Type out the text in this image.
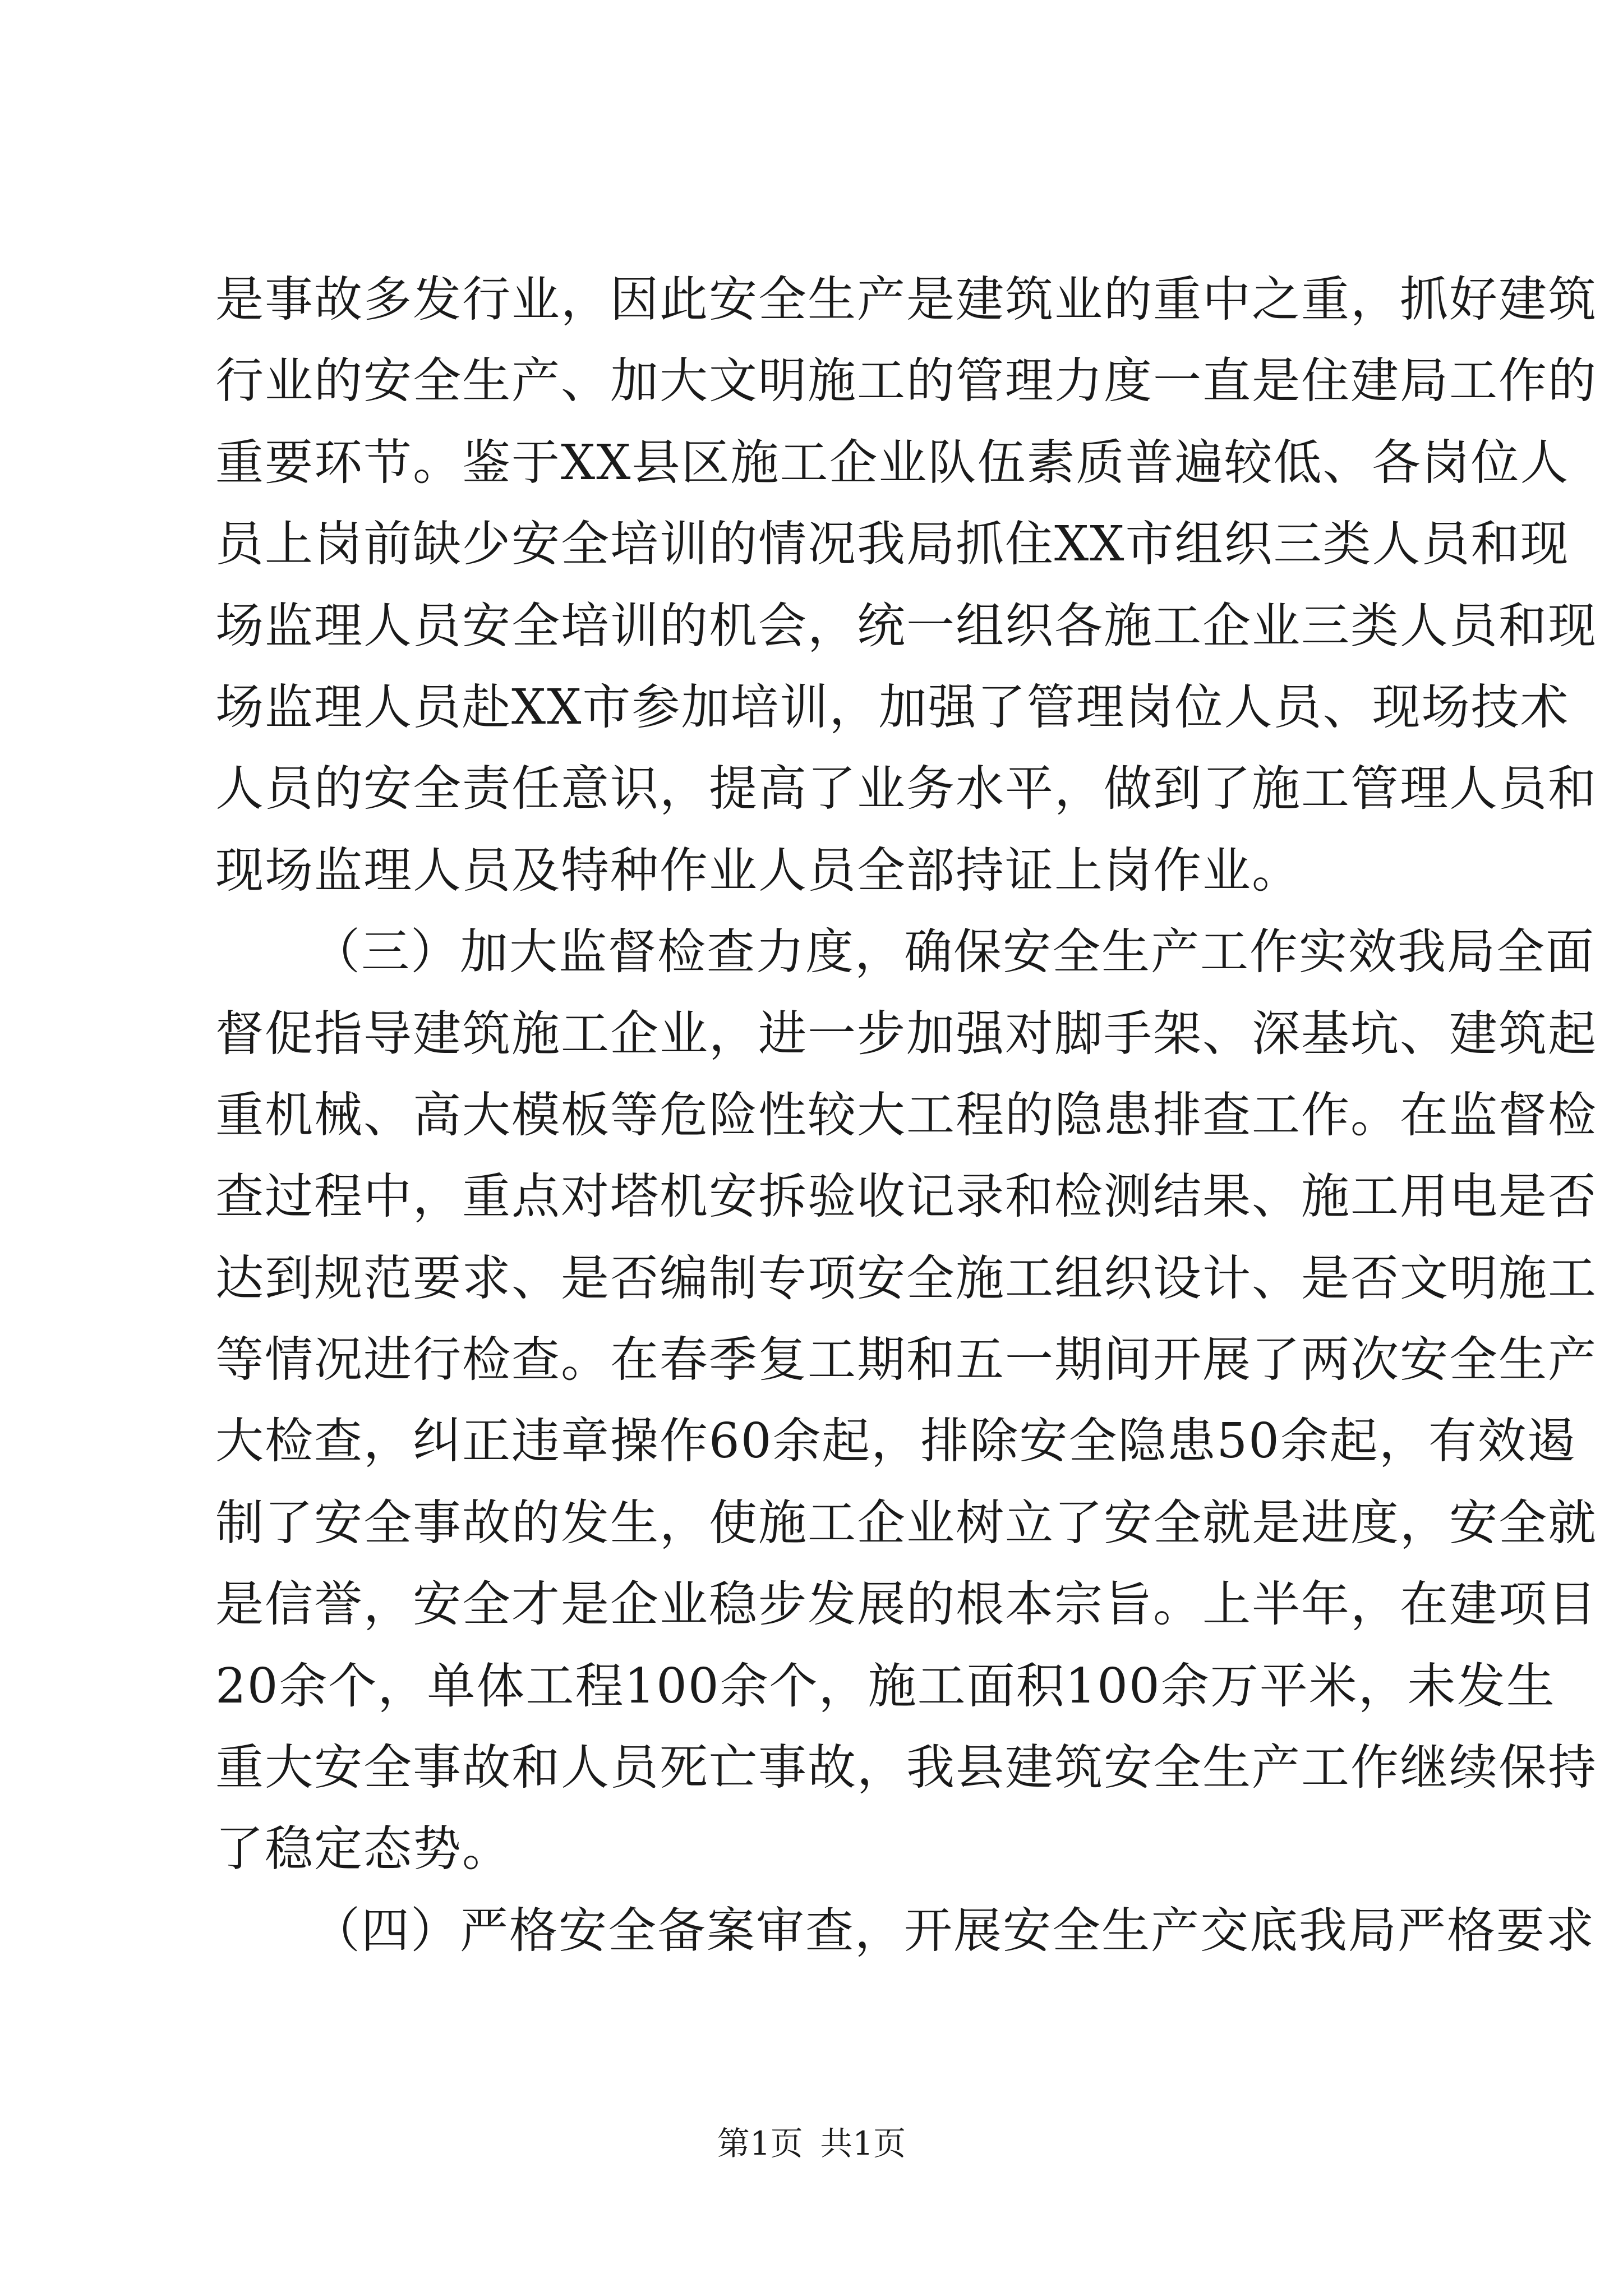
是事故多发行业，因此安全生产是建筑业的重中之重，抓好建筑
行业的安全生产、加大文明施工的管理力度一直是住建局工作的
重要环节。鉴于XX县区施工企业队伍素质普遍较低、各岗位人
员上岗前缺少安全培训的情况我局抓住XX市组织三类人员和现
场监理人员安全培训的机会，统一组织各施工企业三类人员和现
场监理人员赴XX市参加培训，加强了管理岗位人员、现场技术
人员的安全责任意识，提高了业务水平，做到了施工管理人员和
现场监理人员及特种作业人员全部持证上岗作业。
（三）加大监督检查力度，确保安全生产工作实效我局全面
督促指导建筑施工企业，进一步加强对脚手架、深基坑、建筑起
重机械、高大模板等危险性较大工程的隐患排查工作。在监督检
查过程中，重点对塔机安拆验收记录和检测结果、施工用电是否
达到规范要求、是否编制专项安全施工组织设计、是否文明施工
等情况进行检查。在春季复工期和五一期间开展了两次安全生产
大检查，纠正违章操作60余起，排除安全隐患50余起，有效遏
制了安全事故的发生，使施工企业树立了安全就是进度，安全就
是信誉，安全才是企业稳步发展的根本宗旨。上半年，在建项目
20余个，单体工程100余个，施工面积100余万平米，未发生
重大安全事故和人员死亡事故，我县建筑安全生产工作继续保持
了稳定态势。
（四）严格安全备案审查，开展安全生产交底我局严格要求
第1页 共1页
